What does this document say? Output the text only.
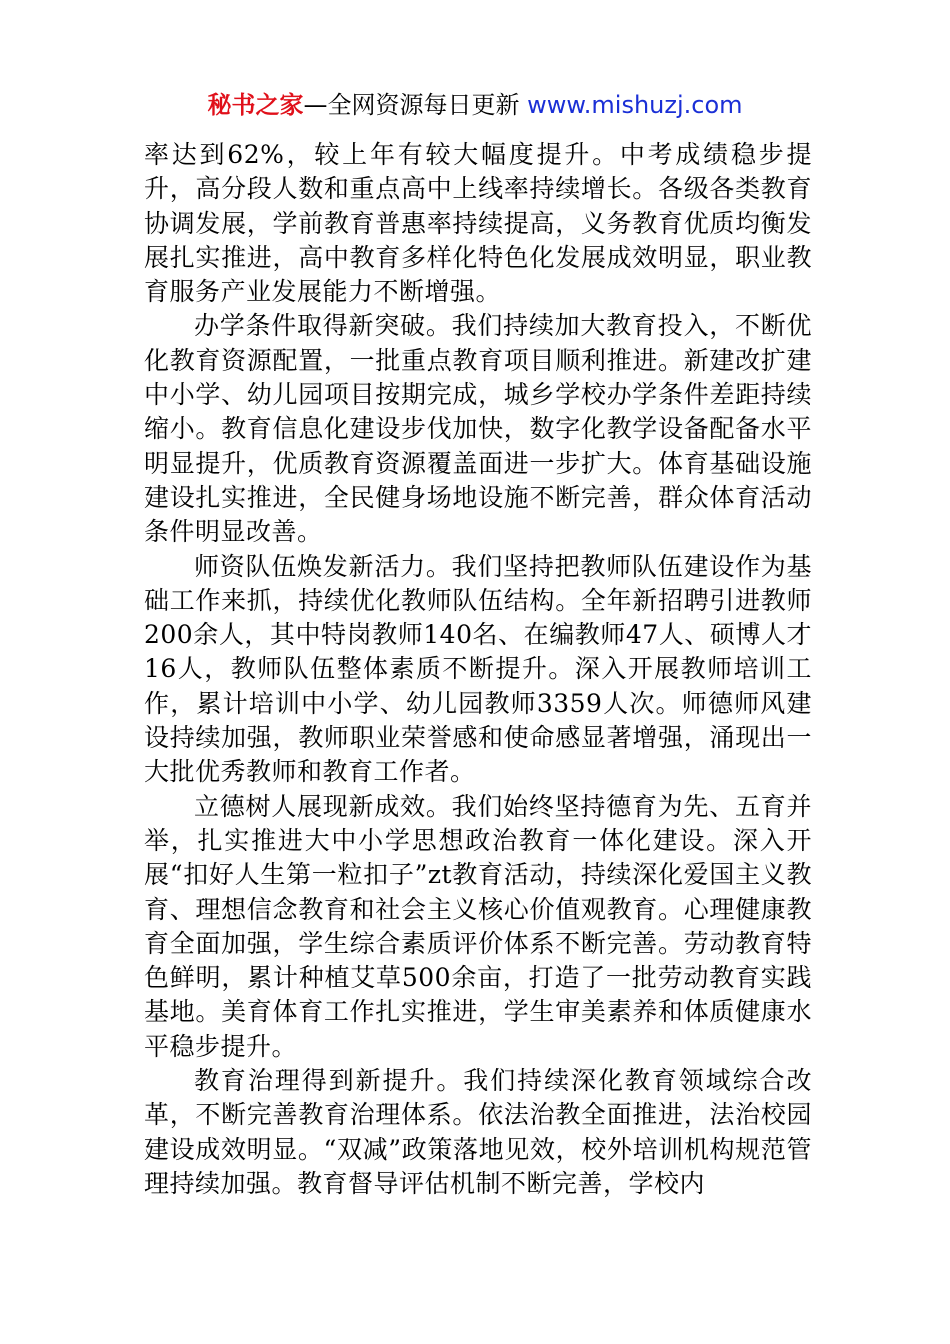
秘书之家—全网资源每日更新 www.mishuzj.com

率达到62%，较上年有较大幅度提升。中考成绩稳步提升，高分段人数和重点高中上线率持续增长。各级各类教育协调发展，学前教育普惠率持续提高，义务教育优质均衡发展扎实推进，高中教育多样化特色化发展成效明显，职业教育服务产业发展能力不断增强。

办学条件取得新突破。我们持续加大教育投入，不断优化教育资源配置，一批重点教育项目顺利推进。新建改扩建中小学、幼儿园项目按期完成，城乡学校办学条件差距持续缩小。教育信息化建设步伐加快，数字化教学设备配备水平明显提升，优质教育资源覆盖面进一步扩大。体育基础设施建设扎实推进，全民健身场地设施不断完善，群众体育活动条件明显改善。

师资队伍焕发新活力。我们坚持把教师队伍建设作为基础工作来抓，持续优化教师队伍结构。全年新招聘引进教师200余人，其中特岗教师140名、在编教师47人、硕博人才16人，教师队伍整体素质不断提升。深入开展教师培训工作，累计培训中小学、幼儿园教师3359人次。师德师风建设持续加强，教师职业荣誉感和使命感显著增强，涌现出一大批优秀教师和教育工作者。

立德树人展现新成效。我们始终坚持德育为先、五育并举，扎实推进大中小学思想政治教育一体化建设。深入开展“扣好人生第一粒扣子”zt教育活动，持续深化爱国主义教育、理想信念教育和社会主义核心价值观教育。心理健康教育全面加强，学生综合素质评价体系不断完善。劳动教育特色鲜明，累计种植艾草500余亩，打造了一批劳动教育实践基地。美育体育工作扎实推进，学生审美素养和体质健康水平稳步提升。

教育治理得到新提升。我们持续深化教育领域综合改革，不断完善教育治理体系。依法治教全面推进，法治校园建设成效明显。“双减”政策落地见效，校外培训机构规范管理持续加强。教育督导评估机制不断完善，学校内
